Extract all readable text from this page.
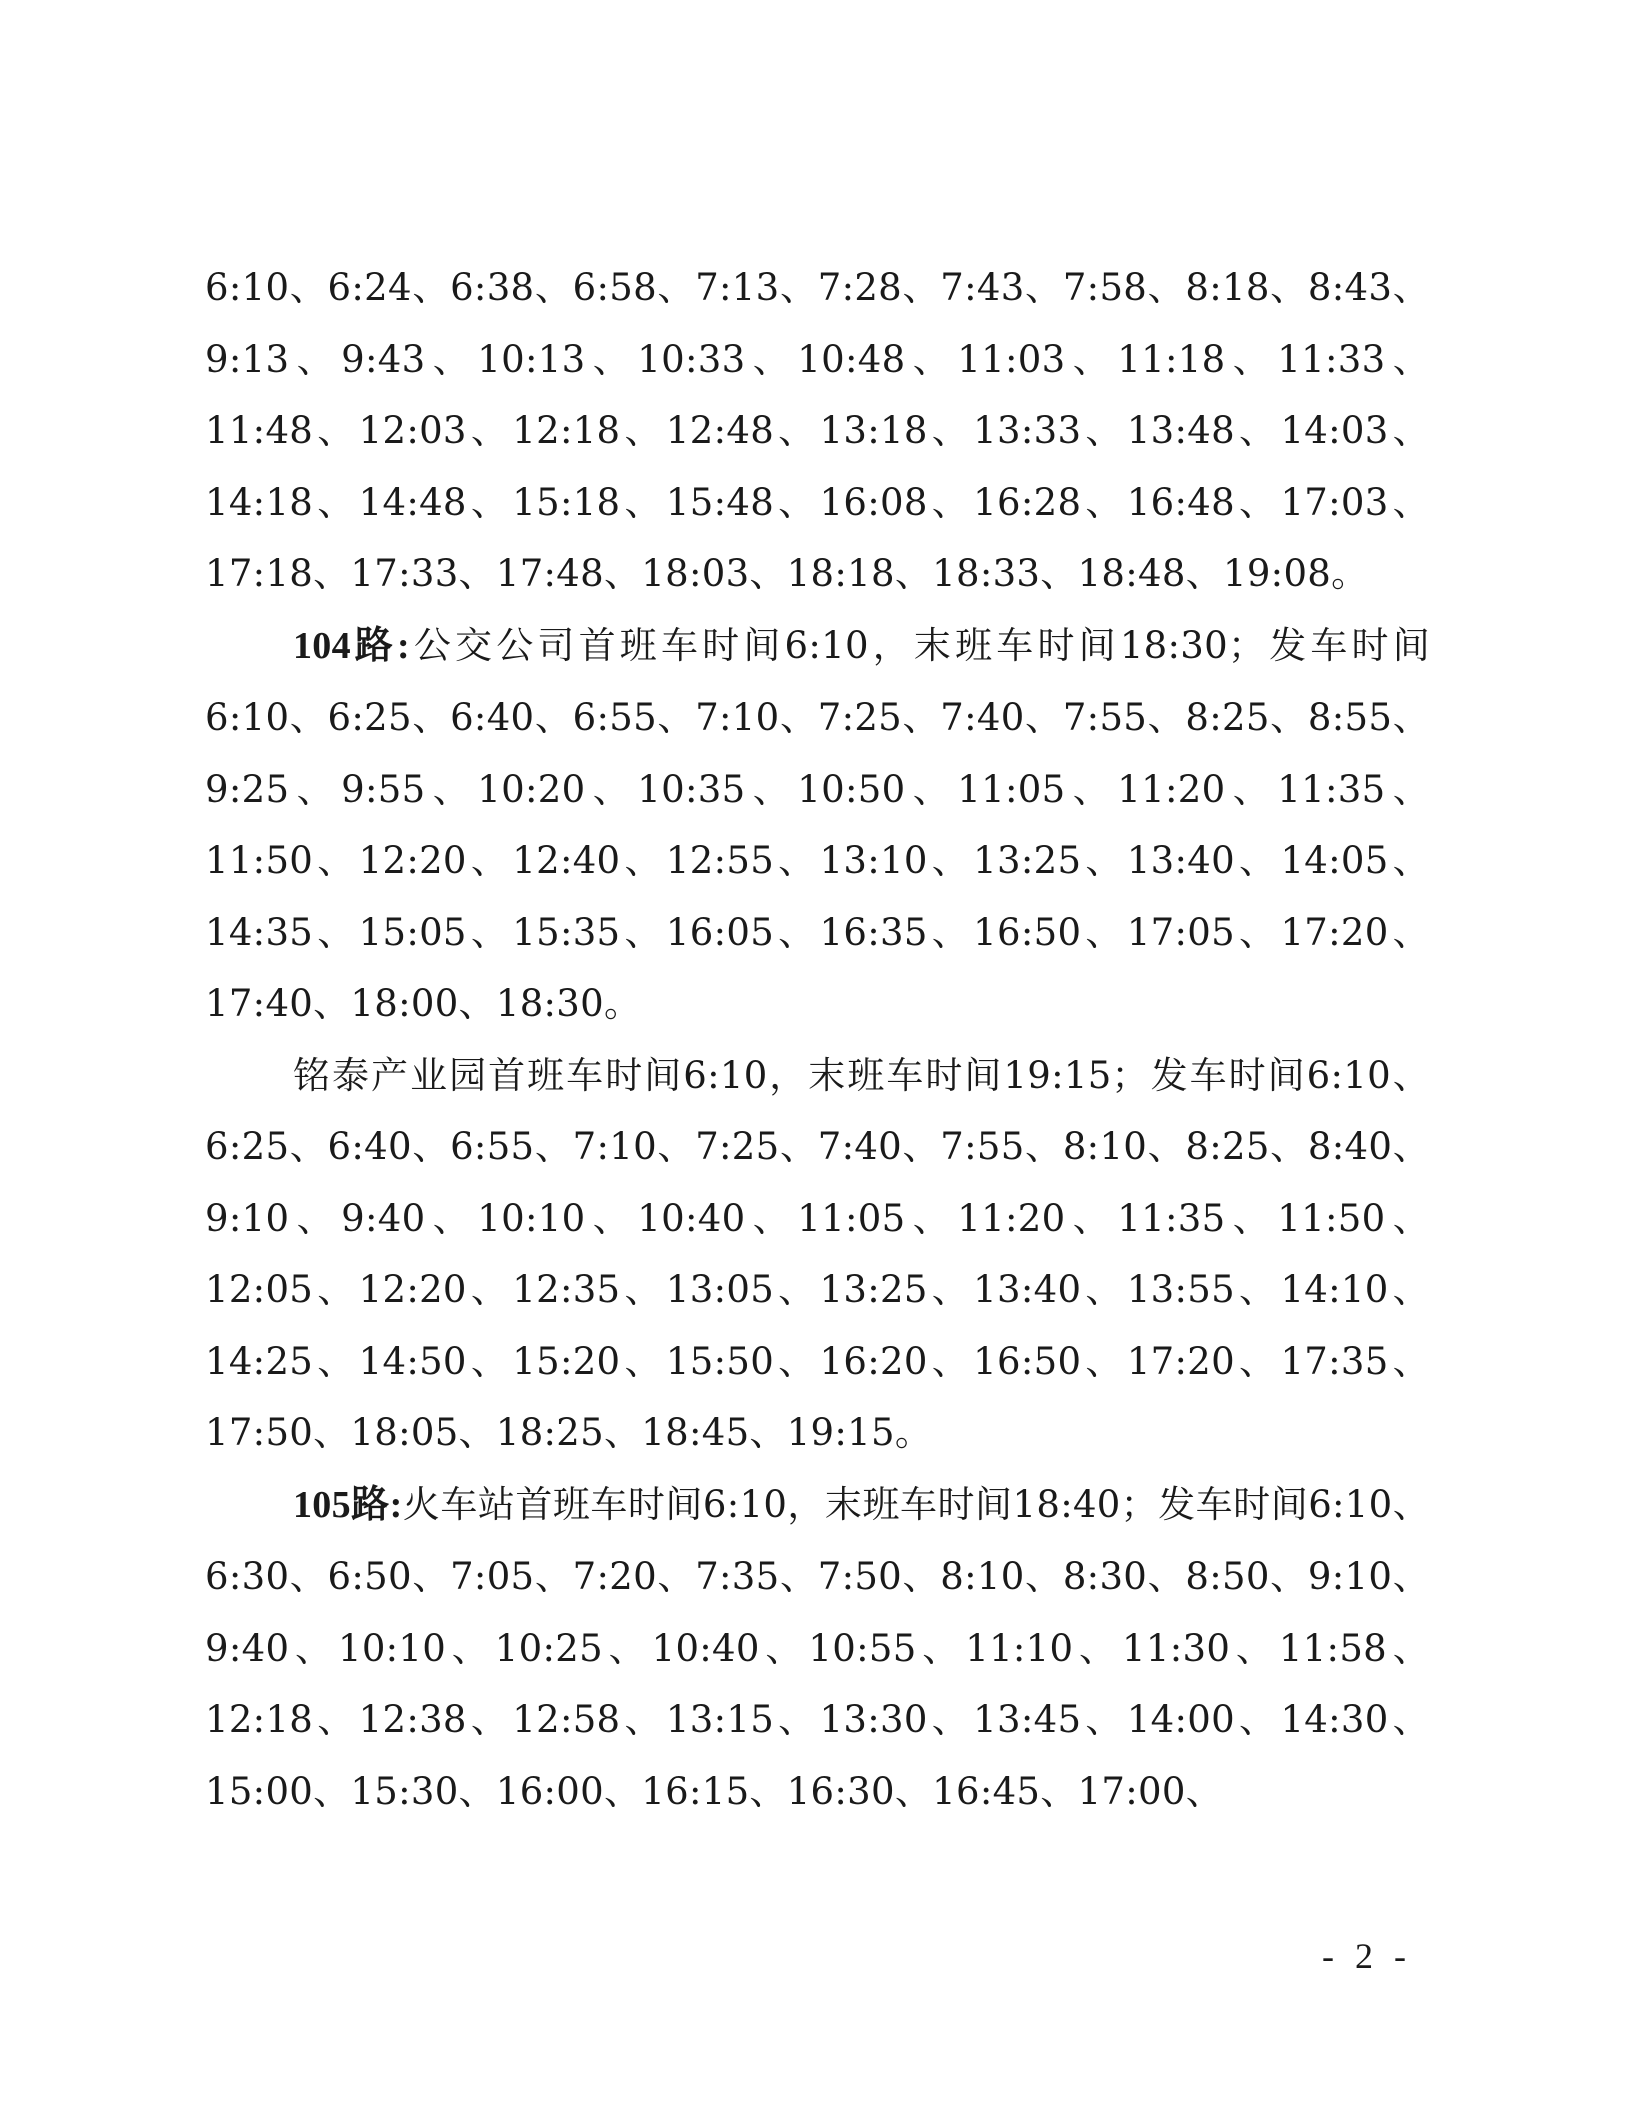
6:10、6:24、6:38、6:58、7:13、7:28、7:43、7:58、8:18、8:43、9:13、9:43、10:13、10:33、10:48、11:03、11:18、11:33、11:48、12:03、12:18、12:48、13:18、13:33、13:48、14:03、14:18、14:48、15:18、15:48、16:08、16:28、16:48、17:03、17:18、17:33、17:48、18:03、18:18、18:33、18:48、19:08。

104路:公交公司首班车时间6:10，末班车时间18:30；发车时间6:10、6:25、6:40、6:55、7:10、7:25、7:40、7:55、8:25、8:55、9:25、9:55、10:20、10:35、10:50、11:05、11:20、11:35、11:50、12:20、12:40、12:55、13:10、13:25、13:40、14:05、14:35、15:05、15:35、16:05、16:35、16:50、17:05、17:20、17:40、18:00、18:30。

铭泰产业园首班车时间6:10，末班车时间19:15；发车时间6:10、6:25、6:40、6:55、7:10、7:25、7:40、7:55、8:10、8:25、8:40、9:10、9:40、10:10、10:40、11:05、11:20、11:35、11:50、12:05、12:20、12:35、13:05、13:25、13:40、13:55、14:10、14:25、14:50、15:20、15:50、16:20、16:50、17:20、17:35、17:50、18:05、18:25、18:45、19:15。

105路:火车站首班车时间6:10，末班车时间18:40；发车时间6:10、6:30、6:50、7:05、7:20、7:35、7:50、8:10、8:30、8:50、9:10、9:40、10:10、10:25、10:40、10:55、11:10、11:30、11:58、12:18、12:38、12:58、13:15、13:30、13:45、14:00、14:30、15:00、15:30、16:00、16:15、16:30、16:45、17:00、

- 2 -
